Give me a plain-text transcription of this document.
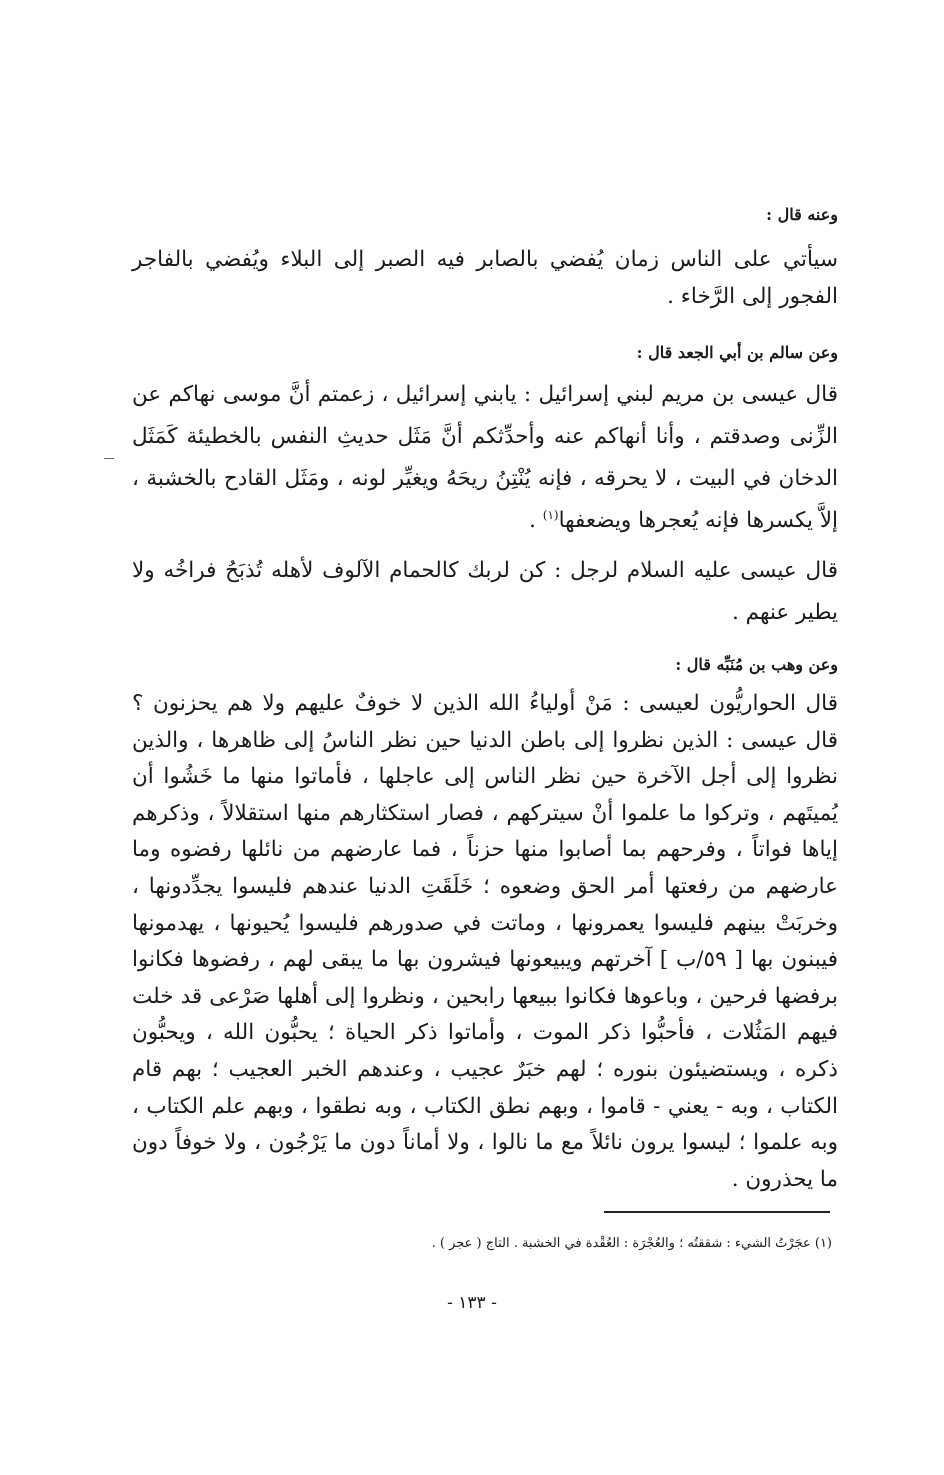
وعنه قال :
سيأتي على الناس زمان يُفضي بالصابر فيه الصبر إلى البلاء ويُفضي بالفاجر الفجور إلى الرَّخاء .
وعن سالم بن أبي الجعد قال :
قال عيسى بن مريم لبني إسرائيل : يابني إسرائيل ، زعمتم أنَّ موسى نهاكم عن الزِّنى وصدقتم ، وأنا أنهاكم عنه وأحدِّثكم أنَّ مَثَل حديثِ النفس بالخطيئة كَمَثَل الدخان في البيت ، لا يحرقه ، فإنه يُنْتِنُ ريحَهُ ويغيِّر لونه ، ومَثَل القادح بالخشبة ، إلاَّ يكسرها فإنه يُعجرها ويضعفها$^{(١)}$ .
قال عيسى عليه السلام لرجل : كن لربك كالحمام الآلوف لأهله تُذبَحُ فراخُه ولا يطير عنهم .
وعن وهب بن مُنَبِّه قال :
قال الحواريُّون لعيسى : مَنْ أولياءُ الله الذين لا خوفٌ عليهم ولا هم يحزنون ؟ قال عيسى : الذين نظروا إلى باطن الدنيا حين نظر الناسُ إلى ظاهرها ، والذين نظروا إلى أجل الآخرة حين نظر الناس إلى عاجلها ، فأماتوا منها ما خَشُوا أن يُميتَهم ، وتركوا ما علموا أنْ سيتركهم ، فصار استكثارهم منها استقلالاً ، وذكرهم إياها فواتاً ، وفرحهم بما أصابوا منها حزناً ، فما عارضهم من نائلها رفضوه وما عارضهم من رفعتها أمر الحق وضعوه ؛ خَلَقَتِ الدنيا عندهم فليسوا يجدِّدونها ، وخربَتْ بينهم فليسوا يعمرونها ، وماتت في صدورهم فليسوا يُحيونها ، يهدمونها فيبنون بها [ ٥٩/ب ] آخرتهم ويبيعونها فيشرون بها ما يبقى لهم ، رفضوها فكانوا برفضها فرحين ، وباعوها فكانوا ببيعها رابحين ، ونظروا إلى أهلها صَرْعى قد خلت فيهم المَثُلات ، فأحبُّوا ذكر الموت ، وأماتوا ذكر الحياة ؛ يحبُّون الله ، ويحبُّون ذكره ، ويستضيئون بنوره ؛ لهم خبَرٌ عجيب ، وعندهم الخبر العجيب ؛ بهم قام الكتاب ، وبه - يعني - قاموا ، وبهم نطق الكتاب ، وبه نطقوا ، وبهم علم الكتاب ، وبه علموا ؛ ليسوا يرون نائلاً مع ما نالوا ، ولا أماناً دون ما يَرْجُون ، ولا خوفاً دون ما يحذرون .
(١) عجَرْتُ الشيء : شققتُه ؛ والعُجْرَة : العُقْدة في الخشبة . التاج ( عجر ) .
- ١٣٣ -
